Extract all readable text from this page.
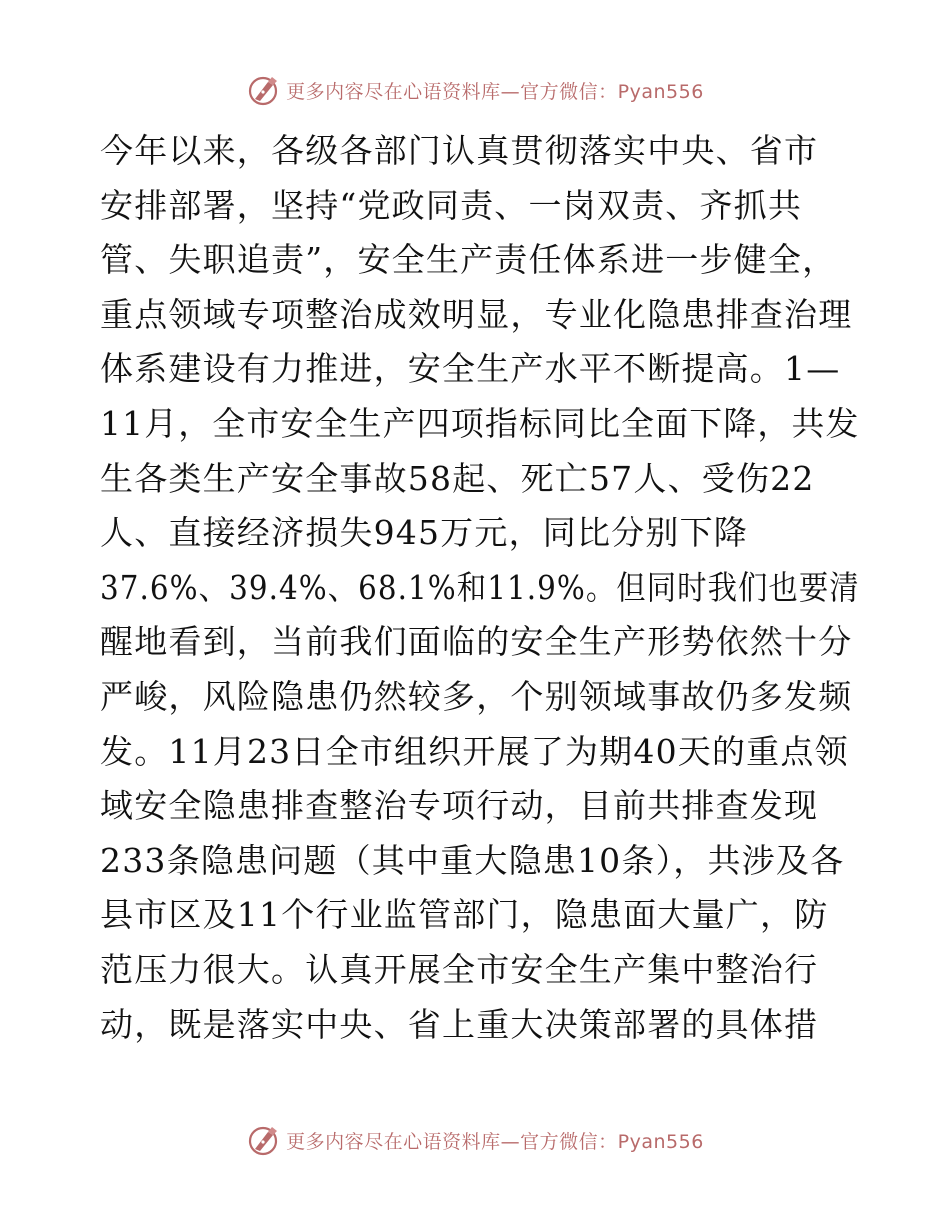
更多内容尽在心语资料库—官方微信：Pyan556
今年以来，各级各部门认真贯彻落实中央、省市
安排部署，坚持“党政同责、一岗双责、齐抓共
管、失职追责”，安全生产责任体系进一步健全，
重点领域专项整治成效明显，专业化隐患排查治理
体系建设有力推进，安全生产水平不断提高。1—
11月，全市安全生产四项指标同比全面下降，共发
生各类生产安全事故58起、死亡57人、受伤22
人、直接经济损失945万元，同比分别下降
37.6%、39.4%、68.1%和11.9%。但同时我们也要清
醒地看到，当前我们面临的安全生产形势依然十分
严峻，风险隐患仍然较多，个别领域事故仍多发频
发。11月23日全市组织开展了为期40天的重点领
域安全隐患排查整治专项行动，目前共排查发现
233条隐患问题（其中重大隐患10条），共涉及各
县市区及11个行业监管部门，隐患面大量广，防
范压力很大。认真开展全市安全生产集中整治行
动，既是落实中央、省上重大决策部署的具体措
更多内容尽在心语资料库—官方微信：Pyan556
